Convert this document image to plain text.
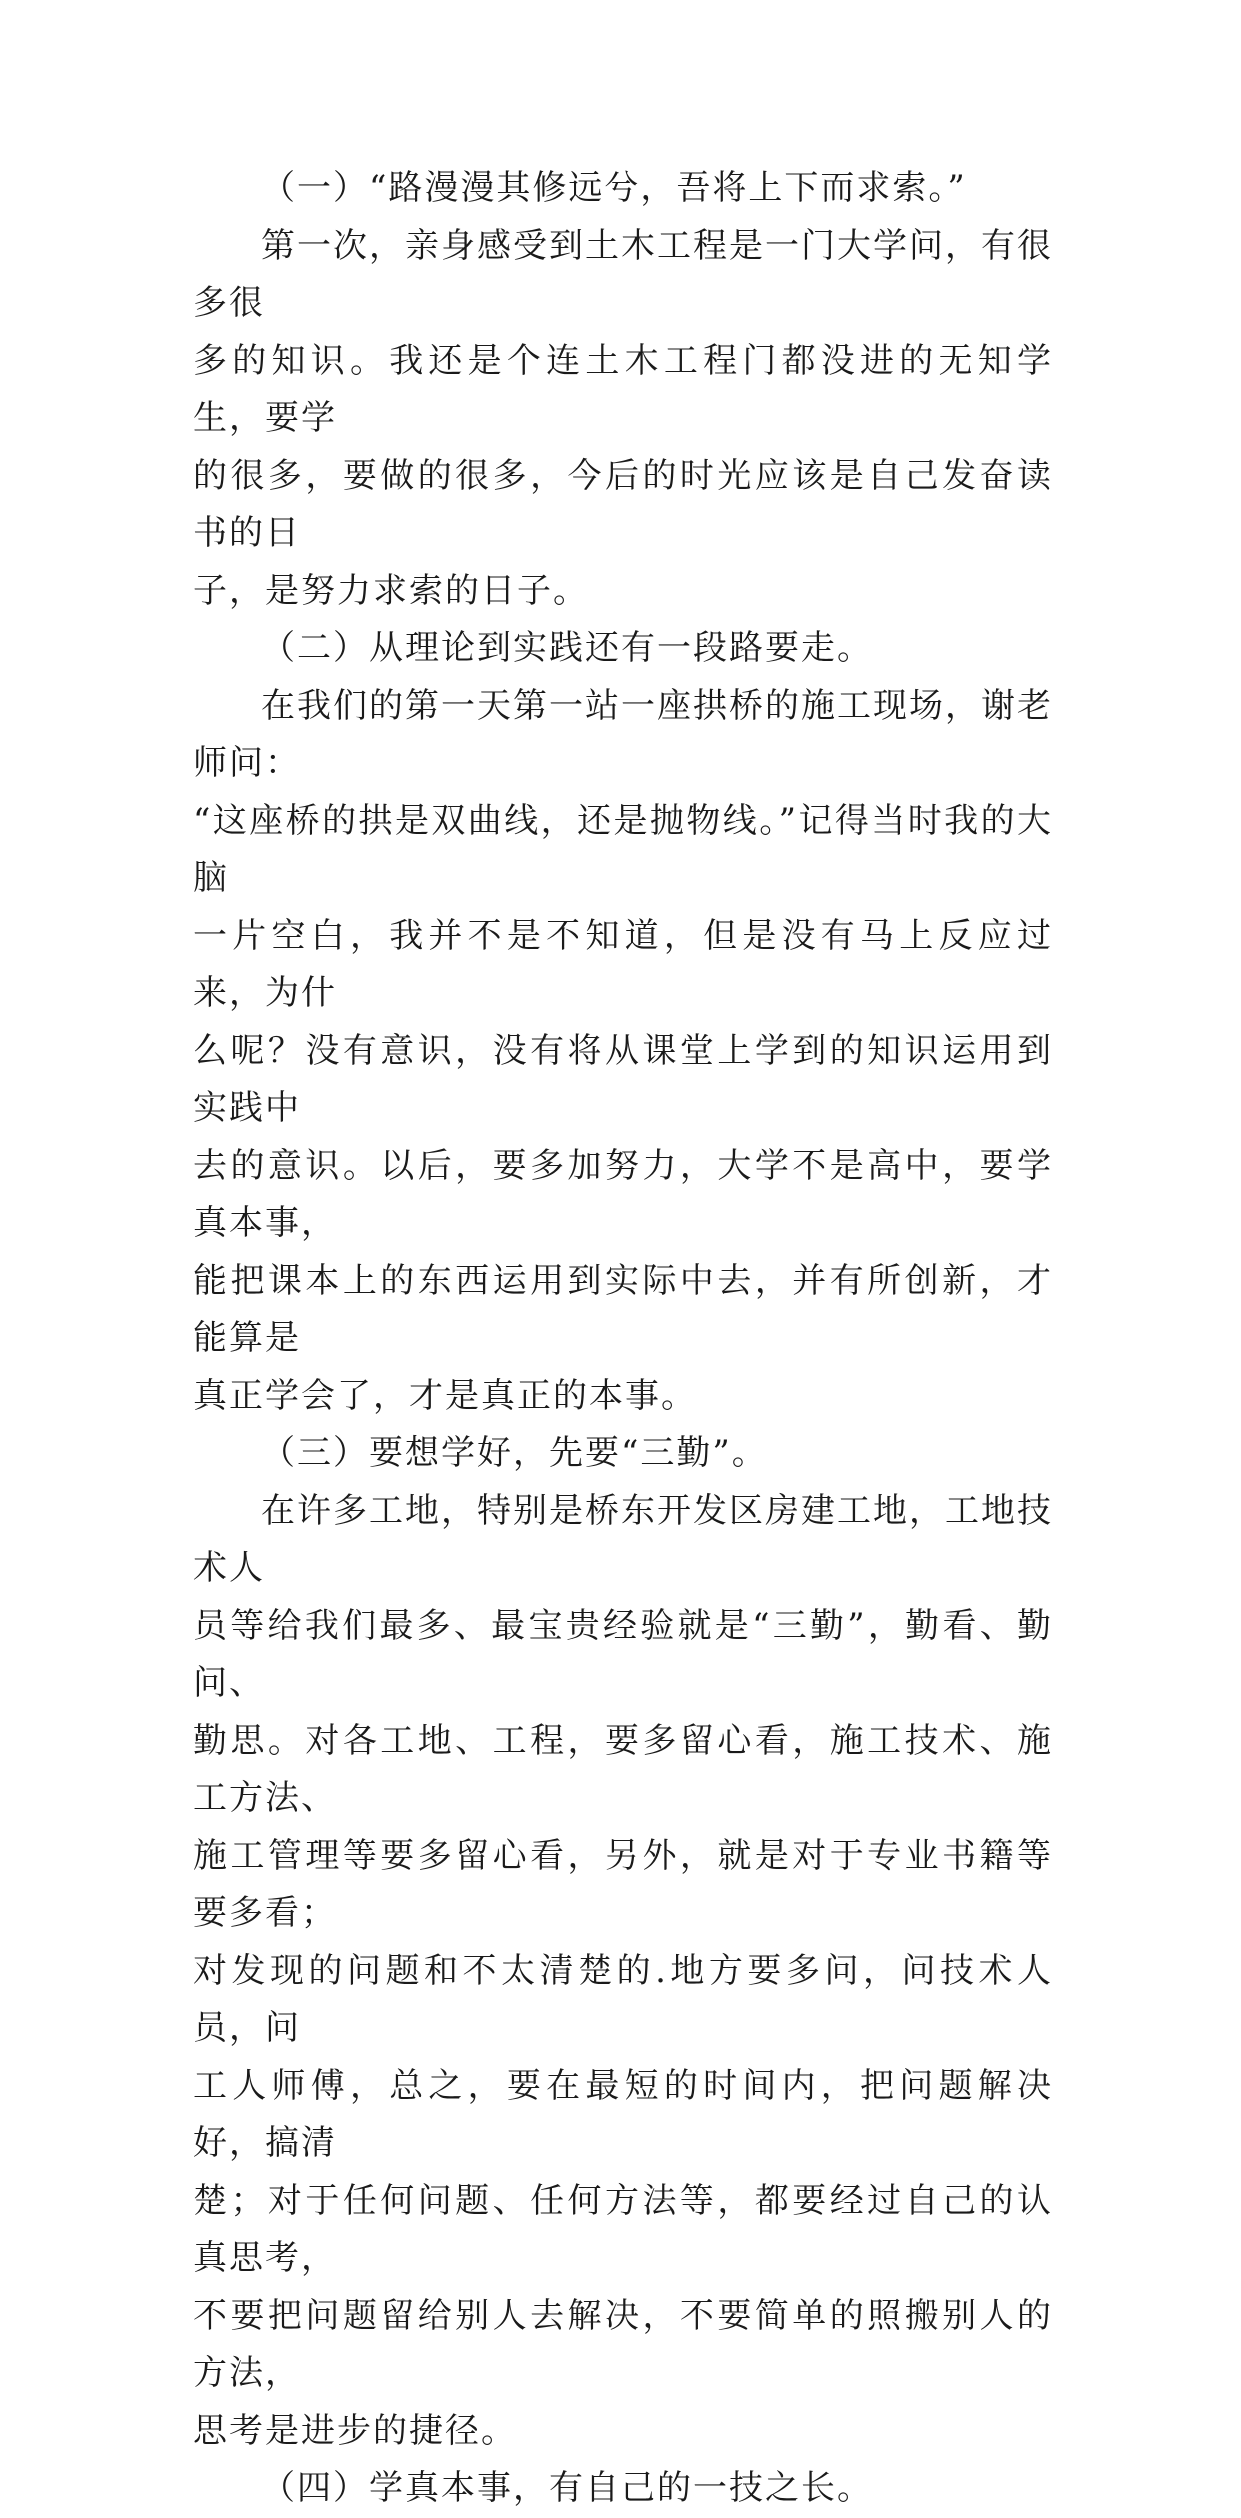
（一）“路漫漫其修远兮，吾将上下而求索。”

第一次，亲身感受到土木工程是一门大学问，有很多很
多的知识。我还是个连土木工程门都没进的无知学生，要学
的很多，要做的很多，今后的时光应该是自己发奋读书的日
子，是努力求索的日子。

（二）从理论到实践还有一段路要走。

在我们的第一天第一站一座拱桥的施工现场，谢老师问：
“这座桥的拱是双曲线，还是抛物线。”记得当时我的大脑
一片空白，我并不是不知道，但是没有马上反应过来，为什
么呢？没有意识，没有将从课堂上学到的知识运用到实践中
去的意识。以后，要多加努力，大学不是高中，要学真本事，
能把课本上的东西运用到实际中去，并有所创新，才能算是
真正学会了，才是真正的本事。

（三）要想学好，先要“三勤”。

在许多工地，特别是桥东开发区房建工地，工地技术人
员等给我们最多、最宝贵经验就是“三勤”，勤看、勤问、
勤思。对各工地、工程，要多留心看，施工技术、施工方法、
施工管理等要多留心看，另外，就是对于专业书籍等要多看；
对发现的问题和不太清楚的.地方要多问，问技术人员，问
工人师傅，总之，要在最短的时间内，把问题解决好，搞清
楚；对于任何问题、任何方法等，都要经过自己的认真思考，
不要把问题留给别人去解决，不要简单的照搬别人的方法，
思考是进步的捷径。

（四）学真本事，有自己的一技之长。
